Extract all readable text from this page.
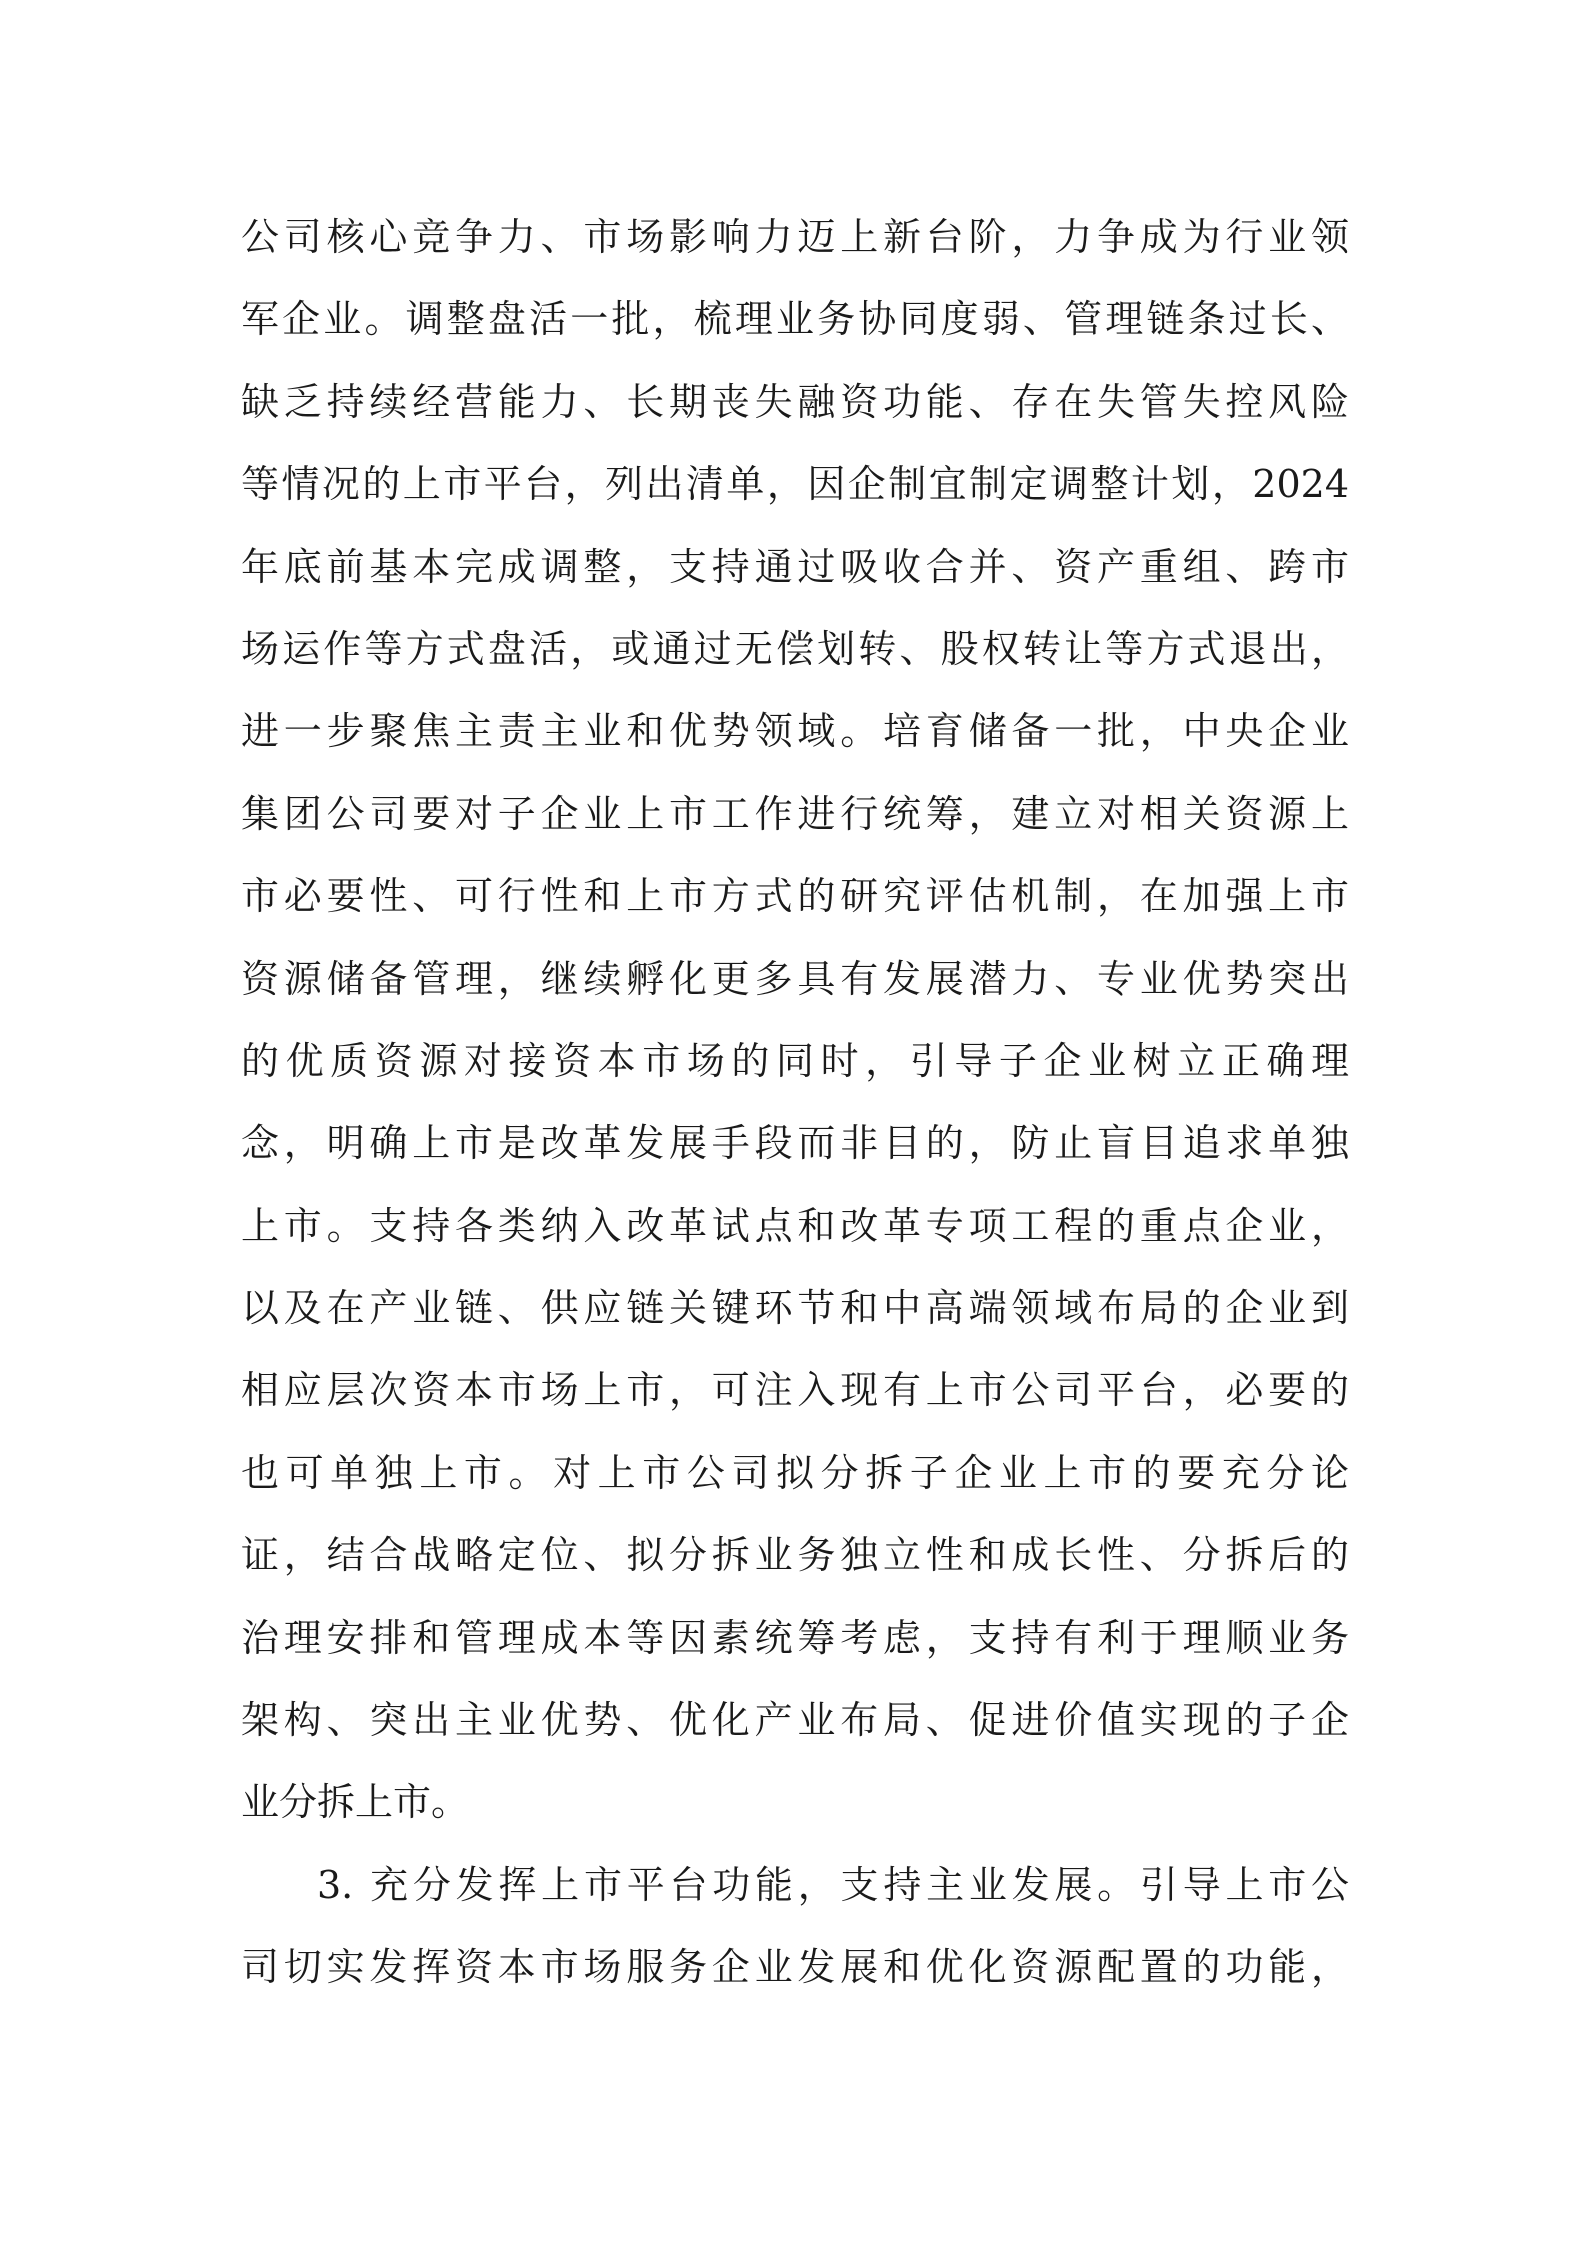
公司核心竞争力、市场影响力迈上新台阶，力争成为行业领
军企业。调整盘活一批，梳理业务协同度弱、管理链条过长、
缺乏持续经营能力、长期丧失融资功能、存在失管失控风险
等情况的上市平台，列出清单，因企制宜制定调整计划，2024
年底前基本完成调整，支持通过吸收合并、资产重组、跨市
场运作等方式盘活，或通过无偿划转、股权转让等方式退出，
进一步聚焦主责主业和优势领域。培育储备一批，中央企业
集团公司要对子企业上市工作进行统筹，建立对相关资源上
市必要性、可行性和上市方式的研究评估机制，在加强上市
资源储备管理，继续孵化更多具有发展潜力、专业优势突出
的优质资源对接资本市场的同时，引导子企业树立正确理
念，明确上市是改革发展手段而非目的，防止盲目追求单独
上市。支持各类纳入改革试点和改革专项工程的重点企业，
以及在产业链、供应链关键环节和中高端领域布局的企业到
相应层次资本市场上市，可注入现有上市公司平台，必要的
也可单独上市。对上市公司拟分拆子企业上市的要充分论
证，结合战略定位、拟分拆业务独立性和成长性、分拆后的
治理安排和管理成本等因素统筹考虑，支持有利于理顺业务
架构、突出主业优势、优化产业布局、促进价值实现的子企
业分拆上市。
3. 充分发挥上市平台功能，支持主业发展。引导上市公
司切实发挥资本市场服务企业发展和优化资源配置的功能，
